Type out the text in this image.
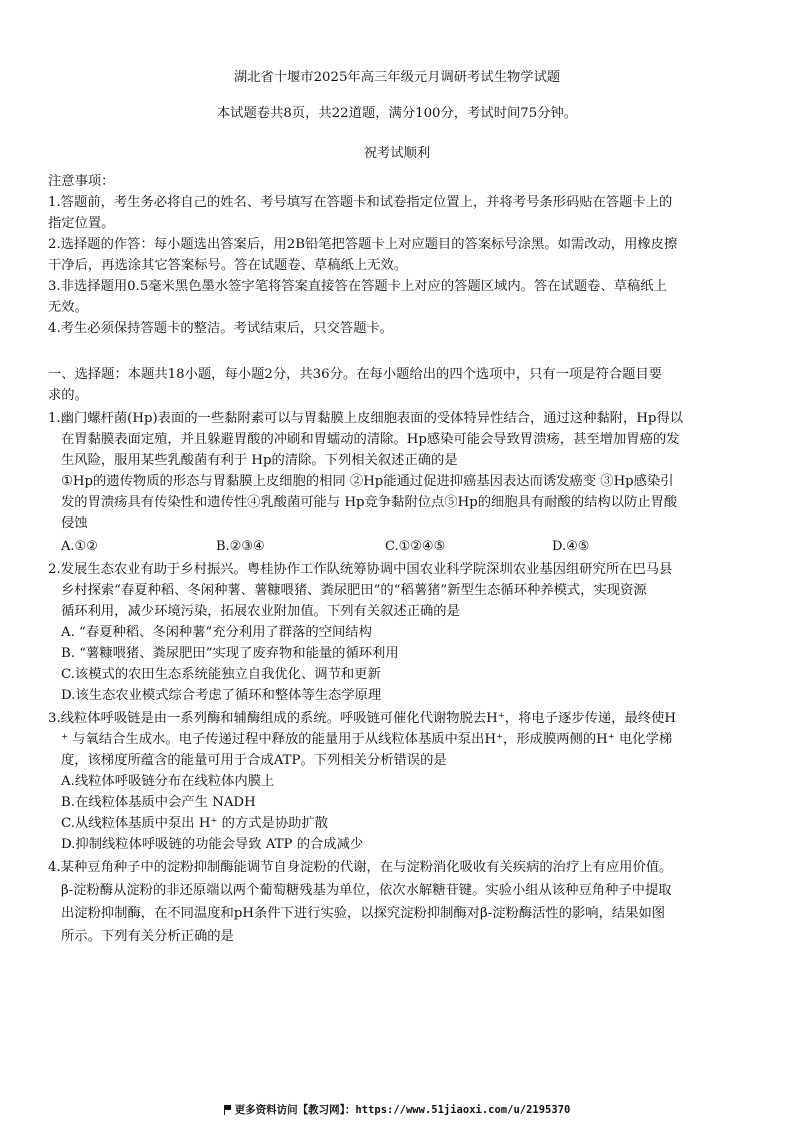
湖北省十堰市2025年高三年级元月调研考试生物学试题
本试题卷共8页，共22道题，满分100分，考试时间75分钟。
祝考试顺利
注意事项：
1.答题前，考生务必将自己的姓名、考号填写在答题卡和试卷指定位置上，并将考号条形码贴在答题卡上的
指定位置。
2.选择题的作答：每小题选出答案后，用2B铅笔把答题卡上对应题目的答案标号涂黑。如需改动，用橡皮擦
干净后，再选涂其它答案标号。答在试题卷、草稿纸上无效。
3.非选择题用0.5毫米黑色墨水签字笔将答案直接答在答题卡上对应的答题区域内。答在试题卷、草稿纸上
无效。
4.考生必须保持答题卡的整洁。考试结束后，只交答题卡。
一、选择题：本题共18小题，每小题2分，共36分。在每小题给出的四个选项中，只有一项是符合题目要
求的。
1.幽门螺杆菌(Hp)表面的一些黏附素可以与胃黏膜上皮细胞表面的受体特异性结合，通过这种黏附，Hp得以
在胃黏膜表面定殖，并且躲避胃酸的冲刷和胃蠕动的清除。Hp感染可能会导致胃溃疡，甚至增加胃癌的发
生风险，服用某些乳酸菌有利于 Hp的清除。下列相关叙述正确的是
①Hp的遗传物质的形态与胃黏膜上皮细胞的相同 ②Hp能通过促进抑癌基因表达而诱发癌变 ③Hp感染引
发的胃溃疡具有传染性和遗传性④乳酸菌可能与 Hp竞争黏附位点⑤Hp的细胞具有耐酸的结构以防止胃酸
侵蚀
A.①②	B.②③④	C.①②④⑤	D.④⑤
2.发展生态农业有助于乡村振兴。粤桂协作工作队统筹协调中国农业科学院深圳农业基因组研究所在巴马县
乡村探索“春夏种稻、冬闲种薯、薯糠喂猪、粪尿肥田”的“稻薯猪”新型生态循环种养模式，实现资源
循环利用，减少环境污染，拓展农业附加值。下列有关叙述正确的是
A. “春夏种稻、冬闲种薯”充分利用了群落的空间结构
B. “薯糠喂猪、粪尿肥田”实现了废弃物和能量的循环利用
C.该模式的农田生态系统能独立自我优化、调节和更新
D.该生态农业模式综合考虑了循环和整体等生态学原理
3.线粒体呼吸链是由一系列酶和辅酶组成的系统。呼吸链可催化代谢物脱去H⁺，将电子逐步传递，最终使H
⁺ 与氧结合生成水。电子传递过程中释放的能量用于从线粒体基质中泵出H⁺，形成膜两侧的H⁺ 电化学梯
度，该梯度所蕴含的能量可用于合成ATP。下列相关分析错误的是
A.线粒体呼吸链分布在线粒体内膜上
B.在线粒体基质中会产生 NADH
C.从线粒体基质中泵出 H⁺ 的方式是协助扩散
D.抑制线粒体呼吸链的功能会导致 ATP 的合成减少
4.某种豆角种子中的淀粉抑制酶能调节自身淀粉的代谢，在与淀粉消化吸收有关疾病的治疗上有应用价值。
β-淀粉酶从淀粉的非还原端以两个葡萄糖残基为单位，依次水解糖苷键。实验小组从该种豆角种子中提取
出淀粉抑制酶，在不同温度和pH条件下进行实验，以探究淀粉抑制酶对β-淀粉酶活性的影响，结果如图
所示。下列有关分析正确的是
更多资料访问【教习网】：https://www.51jiaoxi.com/u/2195370
